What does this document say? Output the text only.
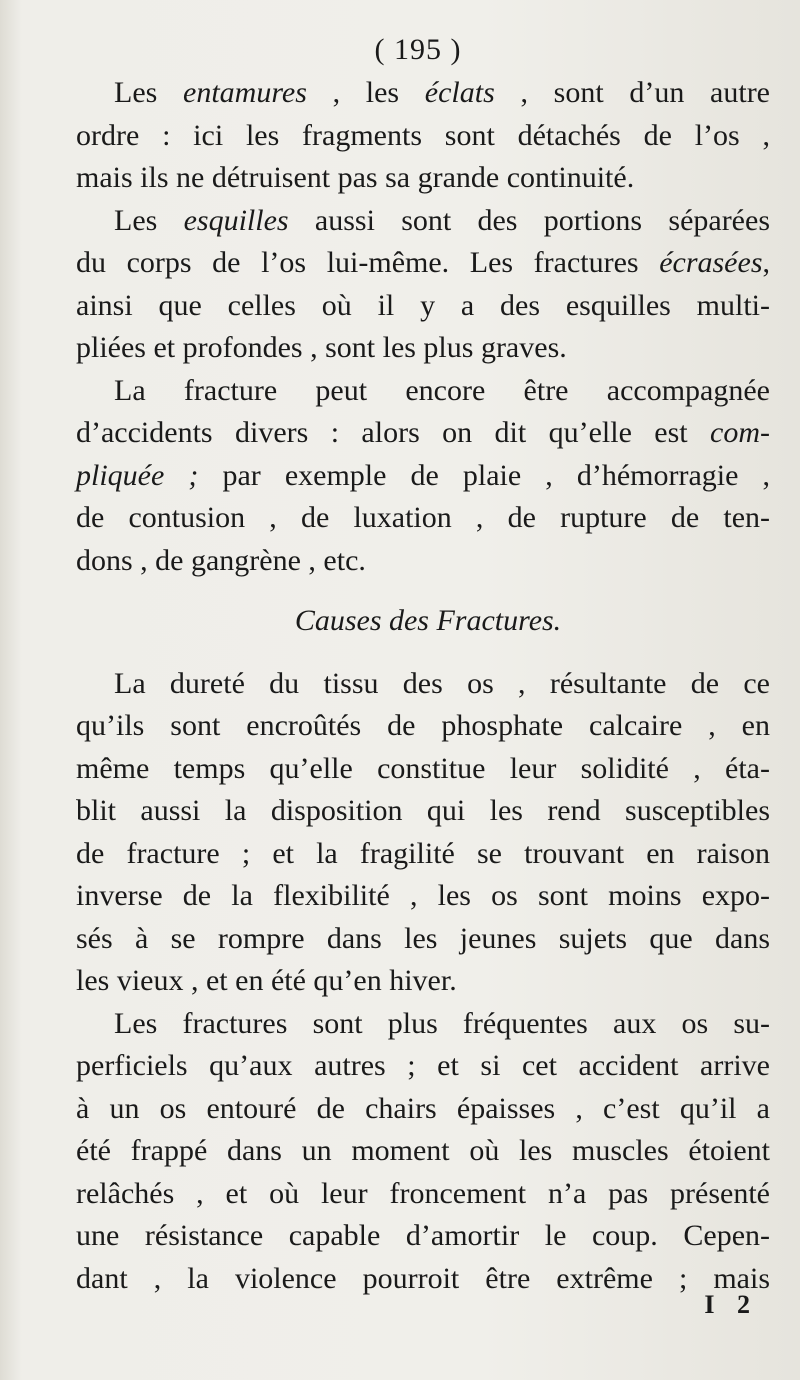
( 195 )
Les entamures , les éclats , sont d’un autre
ordre : ici les fragments sont détachés de l’os ,
mais ils ne détruisent pas sa grande continuité.
Les esquilles aussi sont des portions séparées
du corps de l’os lui-même. Les fractures écrasées,
ainsi que celles où il y a des esquilles multi-
pliées et profondes , sont les plus graves.
La fracture peut encore être accompagnée
d’accidents divers : alors on dit qu’elle est com-
pliquée ; par exemple de plaie , d’hémorragie ,
de contusion , de luxation , de rupture de ten-
dons , de gangrène , etc.
Causes des Fractures.
La dureté du tissu des os , résultante de ce
qu’ils sont encroûtés de phosphate calcaire , en
même temps qu’elle constitue leur solidité , éta-
blit aussi la disposition qui les rend susceptibles
de fracture ; et la fragilité se trouvant en raison
inverse de la flexibilité , les os sont moins expo-
sés à se rompre dans les jeunes sujets que dans
les vieux , et en été qu’en hiver.
Les fractures sont plus fréquentes aux os su-
perficiels qu’aux autres ; et si cet accident arrive
à un os entouré de chairs épaisses , c’est qu’il a
été frappé dans un moment où les muscles étoient
relâchés , et où leur froncement n’a pas présenté
une résistance capable d’amortir le coup. Cepen-
dant , la violence pourroit être extrême ; mais
I 2
